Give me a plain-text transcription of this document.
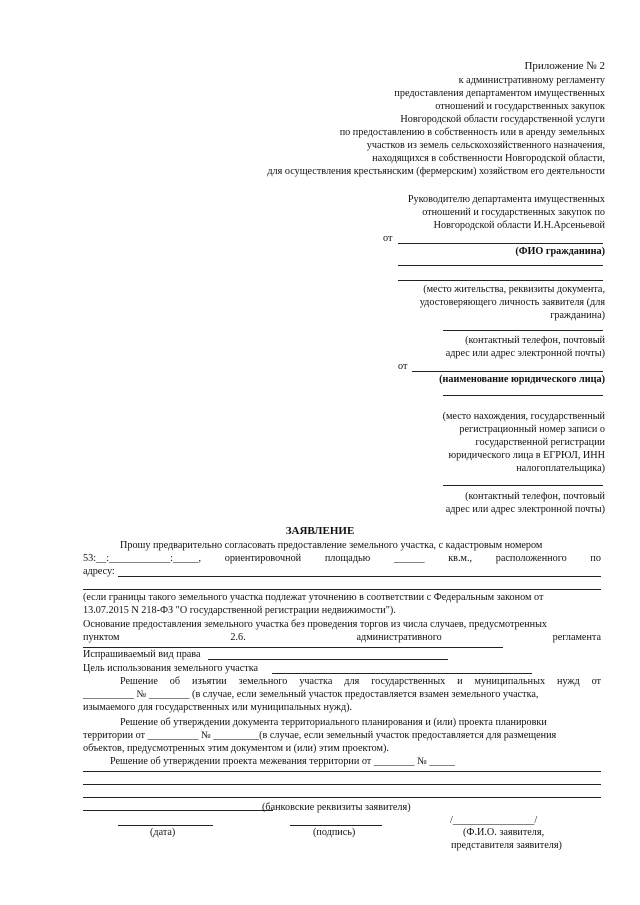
Приложение № 2
к административному регламенту
предоставления департаментом имущественных
отношений и государственных закупок
Новгородской области государственной услуги
по предоставлению в собственность или в аренду земельных
участков из земель сельскохозяйственного назначения,
находящихся в собственности Новгородской области,
для осуществления крестьянским (фермерским) хозяйством его деятельности
Руководителю департамента имущественных
отношений и государственных закупок по
Новгородской области И.Н.Арсеньевой
от
(ФИО гражданина)
(место жительства, реквизиты документа,
удостоверяющего личность заявителя (для
гражданина)
(контактный телефон, почтовый
адрес или адрес электронной почты)
от
(наименование юридического лица)
(место нахождения, государственный
регистрационный номер записи о
государственной регистрации
юридического лица в ЕГРЮЛ, ИНН
налогоплательщика)
(контактный телефон, почтовый
адрес или адрес электронной почты)
ЗАЯВЛЕНИЕ
Прошу предварительно согласовать предоставление земельного участка, с кадастровым номером
53:__:____________:_____, ориентировочной площадью ______ кв.м., расположенного по
адресу:
(если границы такого земельного участка подлежат уточнению в соответствии с Федеральным законом от
13.07.2015 N 218-ФЗ "О государственной регистрации недвижимости").
Основание предоставления земельного участка без проведения торгов из числа случаев, предусмотренных
пунктом	2.6.	административного	регламента
Испрашиваемый вид права
Цель использования земельного участка
Решение об изъятии земельного участка для государственных и муниципальных нужд от
__________ № ________ (в случае, если земельный участок предоставляется взамен земельного участка,
изымаемого для государственных или муниципальных нужд).
Решение об утверждении документа территориального планирования и (или) проекта планировки
территории от __________ № _________(в случае, если земельный участок предоставляется для размещения
объектов, предусмотренных этим документом и (или) этим проектом).
Решение об утверждении проекта межевания территории от ________ № _____
(банковские реквизиты заявителя)
(дата)	(подпись)
/________________/
(Ф.И.О. заявителя,
представителя заявителя)
